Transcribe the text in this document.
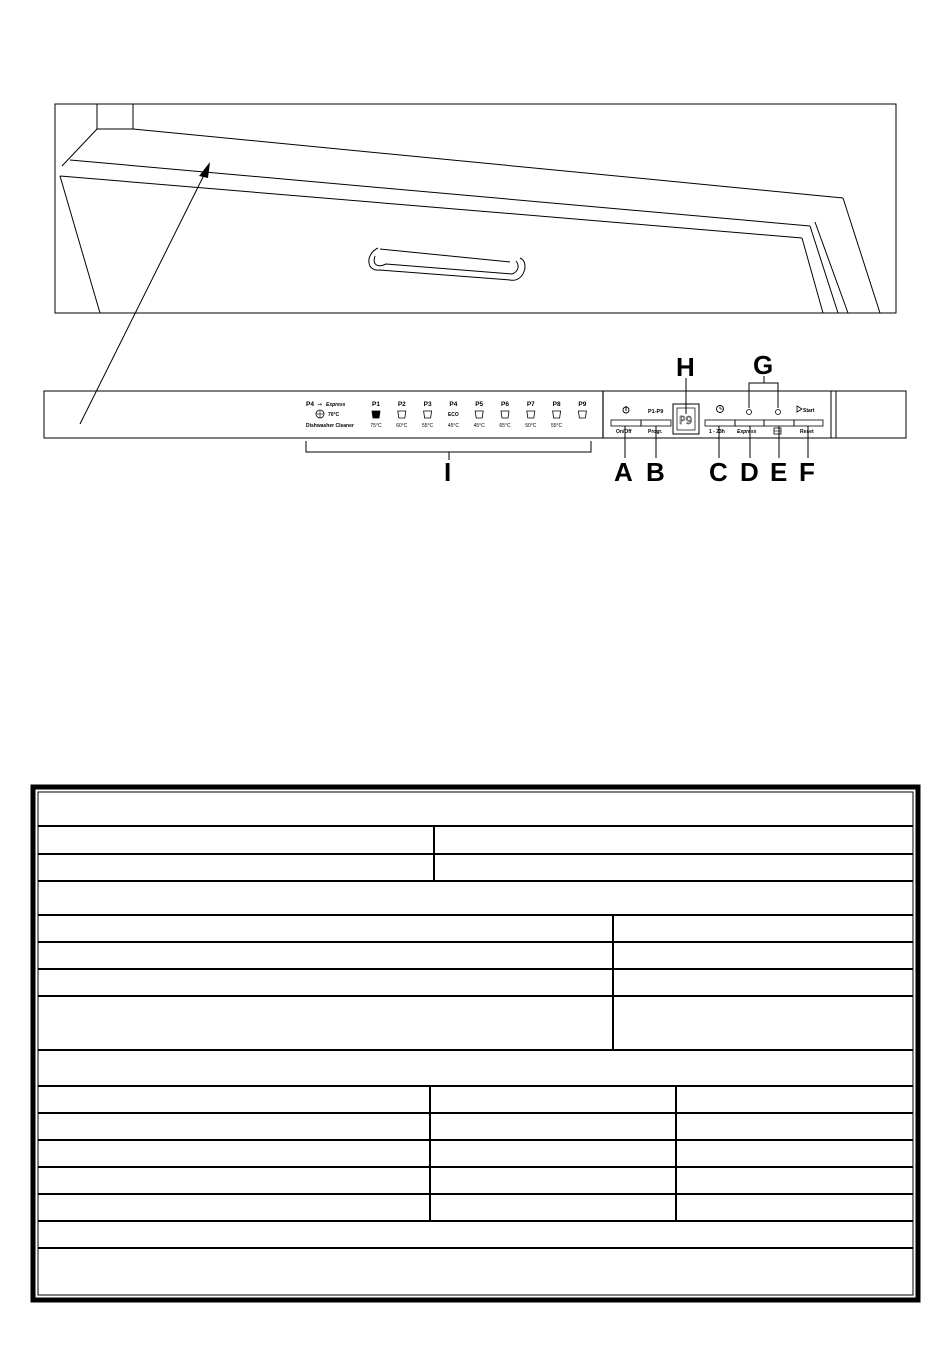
P4 → Express
70°C
Dishwasher Cleaner
P1
75°C
P2
60°C
P3
55°C
P4
ECO
45°C
P5
45°C
P6
65°C
P7
50°C
P8
55°C
P9
On/Off
P1-P9
Progr.
P9
1 - 23h Express
Start
Reset
A B C D E F
G
H
I
